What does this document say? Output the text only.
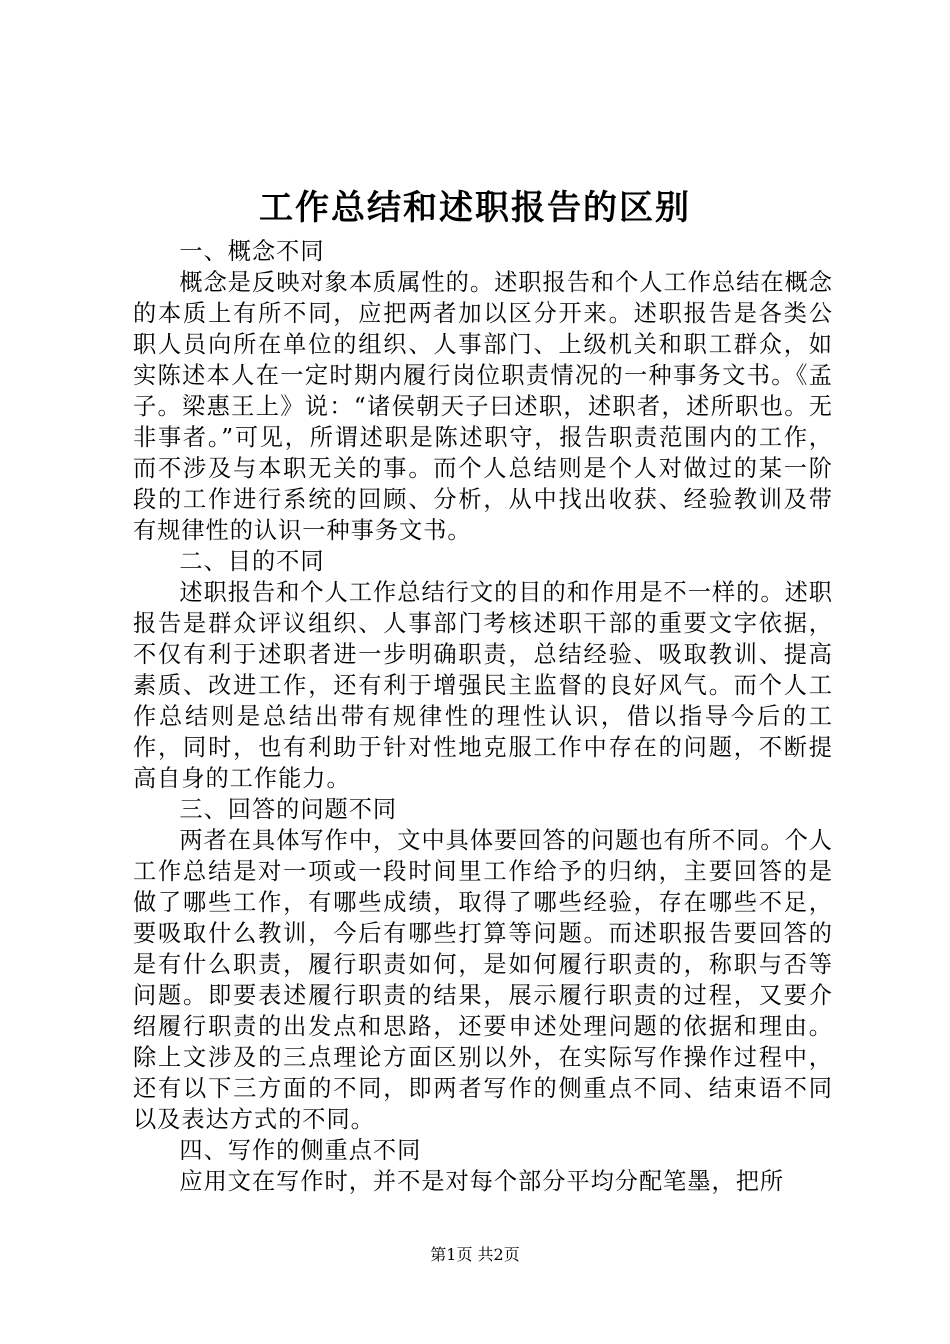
工作总结和述职报告的区别

一、概念不同

概念是反映对象本质属性的。述职报告和个人工作总结在概念的本质上有所不同，应把两者加以区分开来。述职报告是各类公职人员向所在单位的组织、人事部门、上级机关和职工群众，如实陈述本人在一定时期内履行岗位职责情况的一种事务文书。《孟子。梁惠王上》说：“诸侯朝天子曰述职，述职者，述所职也。无非事者。”可见，所谓述职是陈述职守，报告职责范围内的工作，而不涉及与本职无关的事。而个人总结则是个人对做过的某一阶段的工作进行系统的回顾、分析，从中找出收获、经验教训及带有规律性的认识一种事务文书。

二、目的不同

述职报告和个人工作总结行文的目的和作用是不一样的。述职报告是群众评议组织、人事部门考核述职干部的重要文字依据，不仅有利于述职者进一步明确职责，总结经验、吸取教训、提高素质、改进工作，还有利于增强民主监督的良好风气。而个人工作总结则是总结出带有规律性的理性认识，借以指导今后的工作，同时，也有利助于针对性地克服工作中存在的问题，不断提高自身的工作能力。

三、回答的问题不同

两者在具体写作中，文中具体要回答的问题也有所不同。个人工作总结是对一项或一段时间里工作给予的归纳，主要回答的是做了哪些工作，有哪些成绩，取得了哪些经验，存在哪些不足，要吸取什么教训，今后有哪些打算等问题。而述职报告要回答的是有什么职责，履行职责如何，是如何履行职责的，称职与否等问题。即要表述履行职责的结果，展示履行职责的过程，又要介绍履行职责的出发点和思路，还要申述处理问题的依据和理由。除上文涉及的三点理论方面区别以外，在实际写作操作过程中，还有以下三方面的不同，即两者写作的侧重点不同、结束语不同以及表达方式的不同。

四、写作的侧重点不同

应用文在写作时，并不是对每个部分平均分配笔墨，把所

第1页 共2页
